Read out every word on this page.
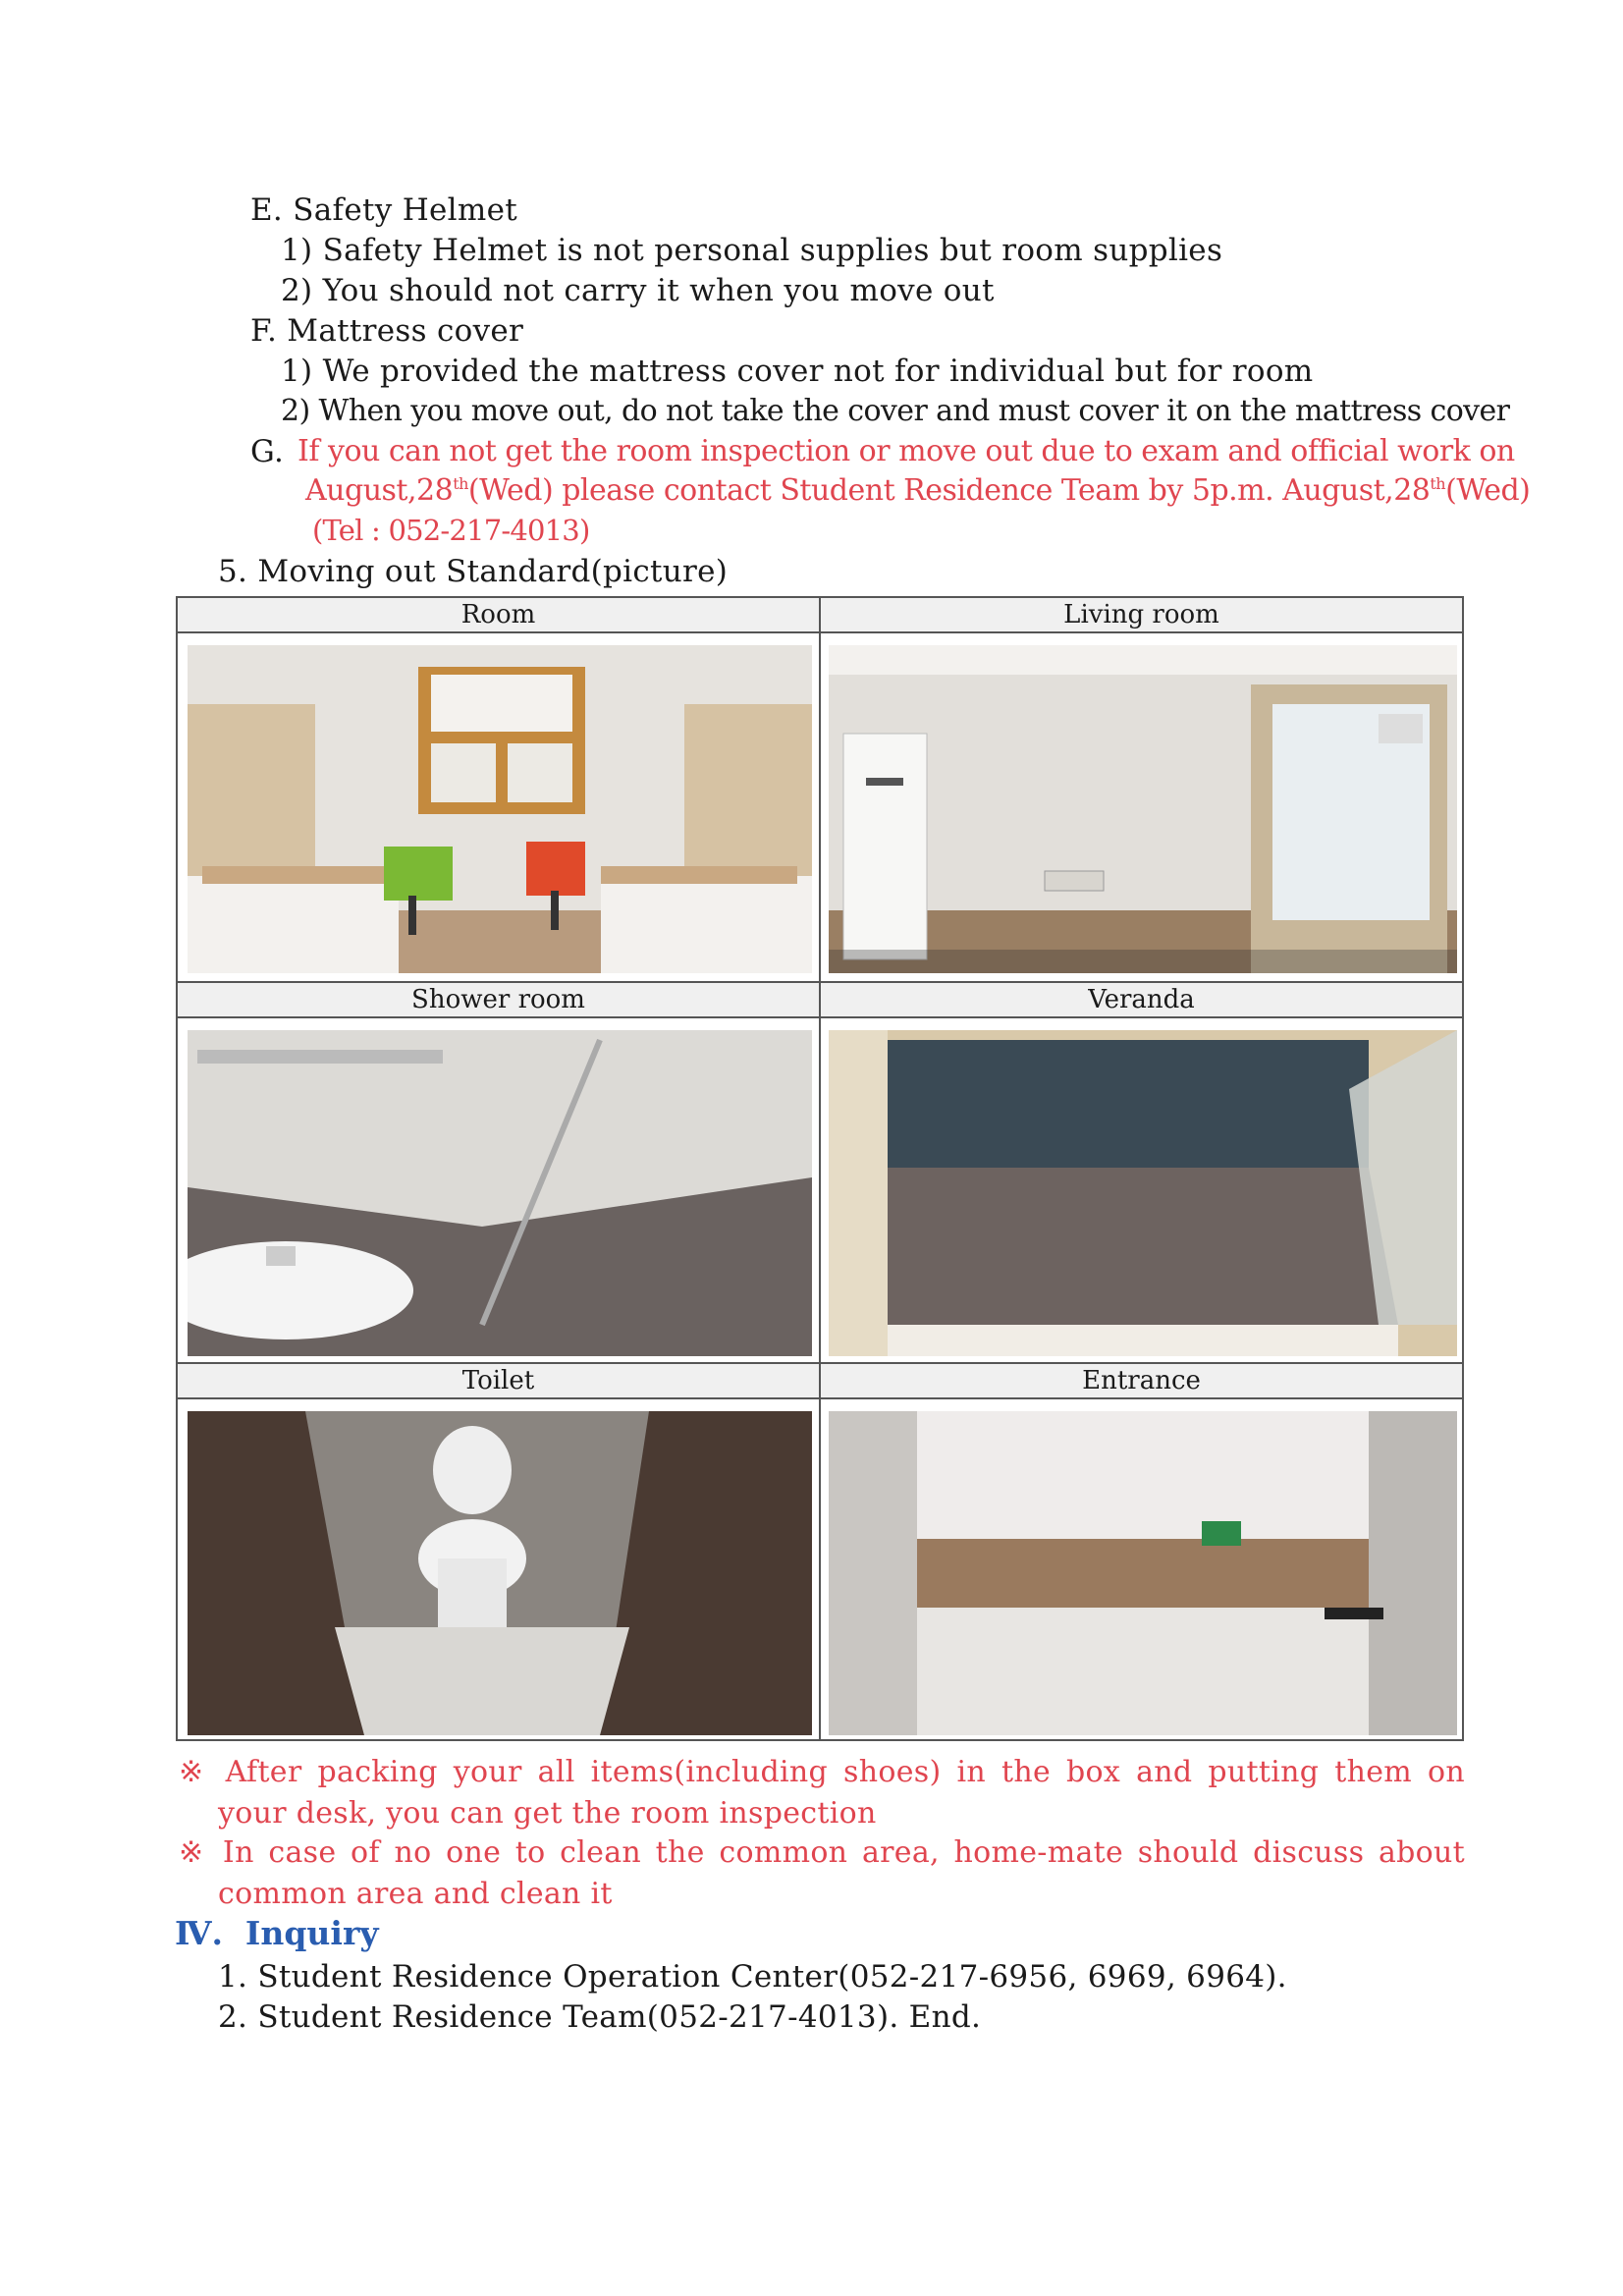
E. Safety Helmet
1) Safety Helmet is not personal supplies but room supplies
2) You should not carry it when you move out
F. Mattress cover
1) We provided the mattress cover not for individual but for room
2) When you move out, do not take the cover and must cover it on the mattress cover
G. If you can not get the room inspection or move out due to exam and official work on
August,28th(Wed) please contact Student Residence Team by 5p.m. August,28th(Wed)
(Tel : 052-217-4013)
5. Moving out Standard(picture)
Room	Living room
Shower room	Veranda
Toilet	Entrance
※ After packing your all items(including shoes) in the box and putting them on
your desk, you can get the room inspection
※ In case of no one to clean the common area, home-mate should discuss about
common area and clean it
Ⅳ. Inquiry
1. Student Residence Operation Center(052-217-6956, 6969, 6964).
2. Student Residence Team(052-217-4013). End.
